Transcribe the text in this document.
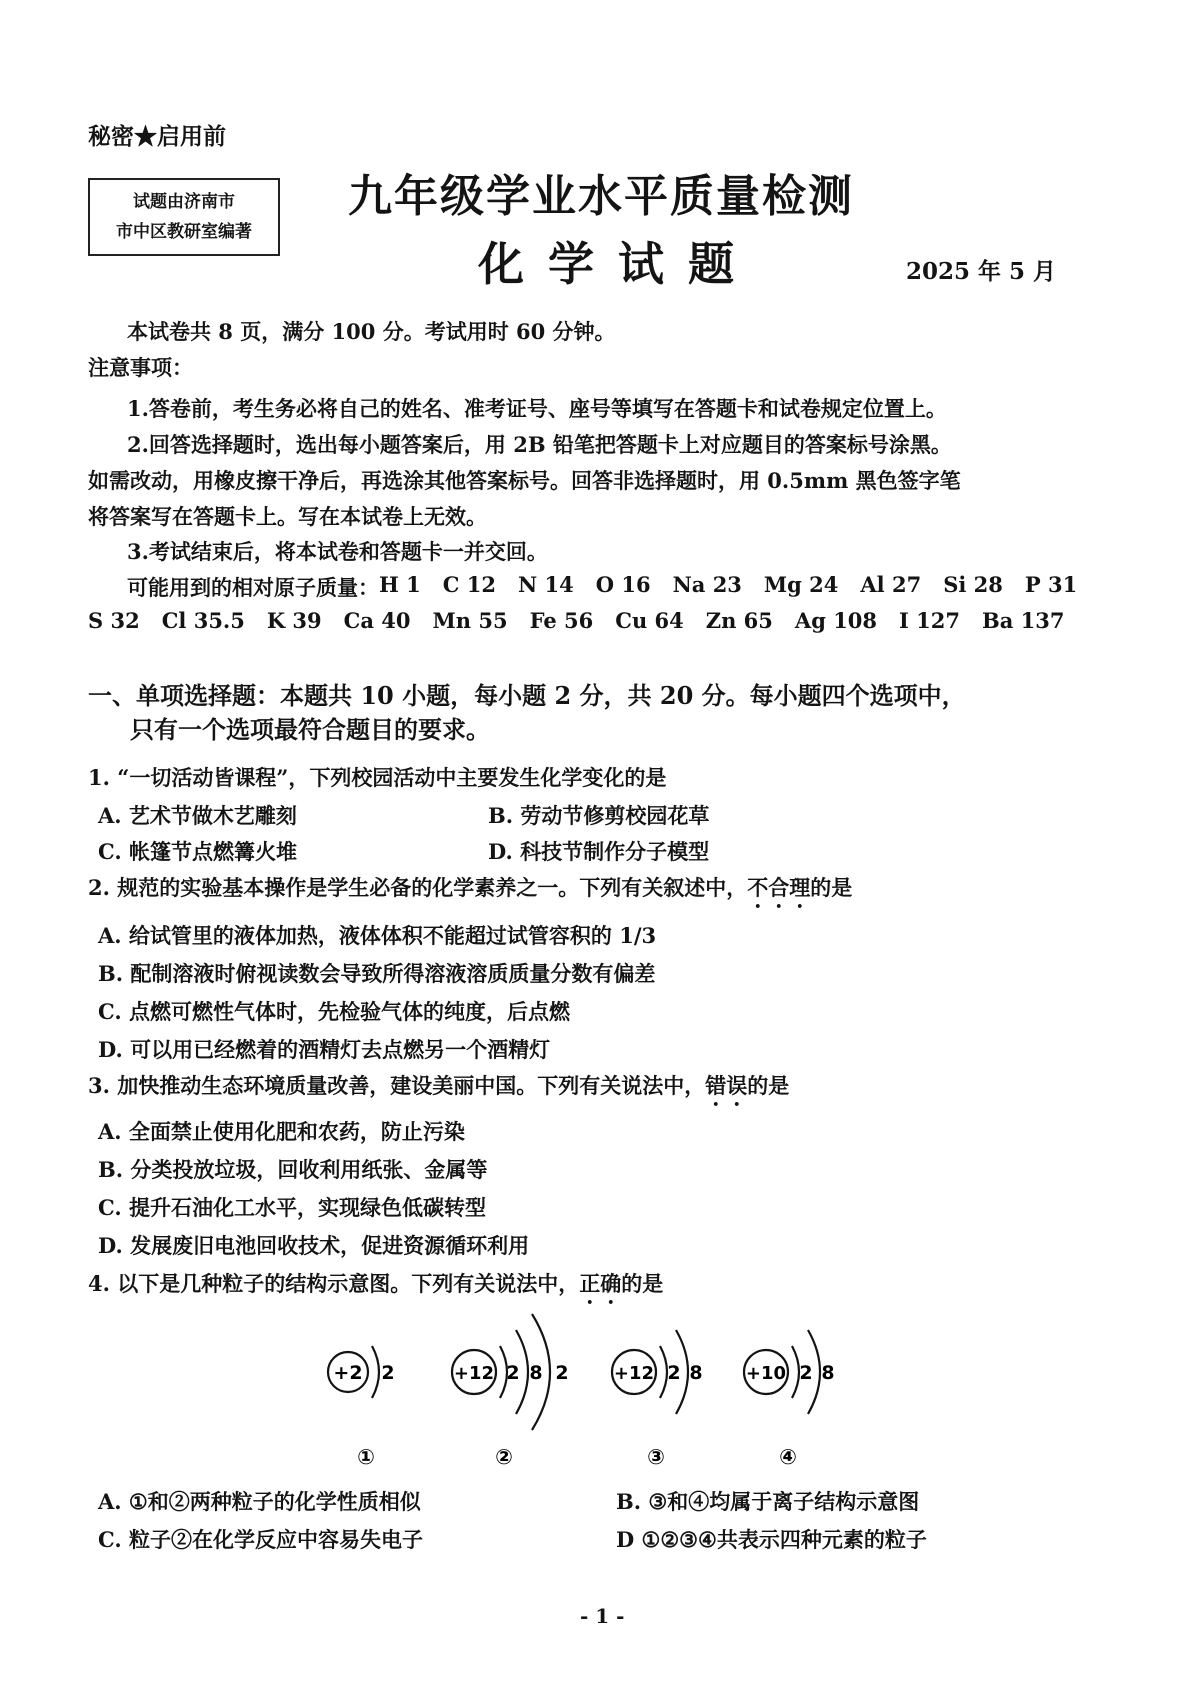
秘密★启用前
试题由济南市
市中区教研室编著
九年级学业水平质量检测
化学试题	2025 年 5 月
本试卷共 8 页，满分 100 分。考试用时 60 分钟。
注意事项：
1.答卷前，考生务必将自己的姓名、准考证号、座号等填写在答题卡和试卷规定位置上。
2.回答选择题时，选出每小题答案后，用 2B 铅笔把答题卡上对应题目的答案标号涂黑。
如需改动，用橡皮擦干净后，再选涂其他答案标号。回答非选择题时，用 0.5mm 黑色签字笔
将答案写在答题卡上。写在本试卷上无效。
3.考试结束后，将本试卷和答题卡一并交回。
可能用到的相对原子质量： H 1 C 12 N 14 O 16 Na 23 Mg 24 Al 27 Si 28 P 31
S 32 Cl 35.5 K 39 Ca 40 Mn 55 Fe 56 Cu 64 Zn 65 Ag 108 I 127 Ba 137
一、单项选择题：本题共 10 小题，每小题 2 分，共 20 分。每小题四个选项中，
只有一个选项最符合题目的要求。
1. “一切活动皆课程”，下列校园活动中主要发生化学变化的是
A. 艺术节做木艺雕刻	B. 劳动节修剪校园花草
C. 帐篷节点燃篝火堆	D. 科技节制作分子模型
2. 规范的实验基本操作是学生必备的化学素养之一。下列有关叙述中，不合理的是
A. 给试管里的液体加热，液体体积不能超过试管容积的 1/3
B. 配制溶液时俯视读数会导致所得溶液溶质质量分数有偏差
C. 点燃可燃性气体时，先检验气体的纯度，后点燃
D. 可以用已经燃着的酒精灯去点燃另一个酒精灯
3. 加快推动生态环境质量改善，建设美丽中国。下列有关说法中，错误的是
A. 全面禁止使用化肥和农药，防止污染
B. 分类投放垃圾，回收利用纸张、金属等
C. 提升石油化工水平，实现绿色低碳转型
D. 发展废旧电池回收技术，促进资源循环利用
4. 以下是几种粒子的结构示意图。下列有关说法中，正确的是
+2 2
①
+12 2 8 2
②
+12 2 8
③
+10 2 8
④
A. ①和②两种粒子的化学性质相似	B. ③和④均属于离子结构示意图
C. 粒子②在化学反应中容易失电子	D ①②③④共表示四种元素的粒子
- 1 -
